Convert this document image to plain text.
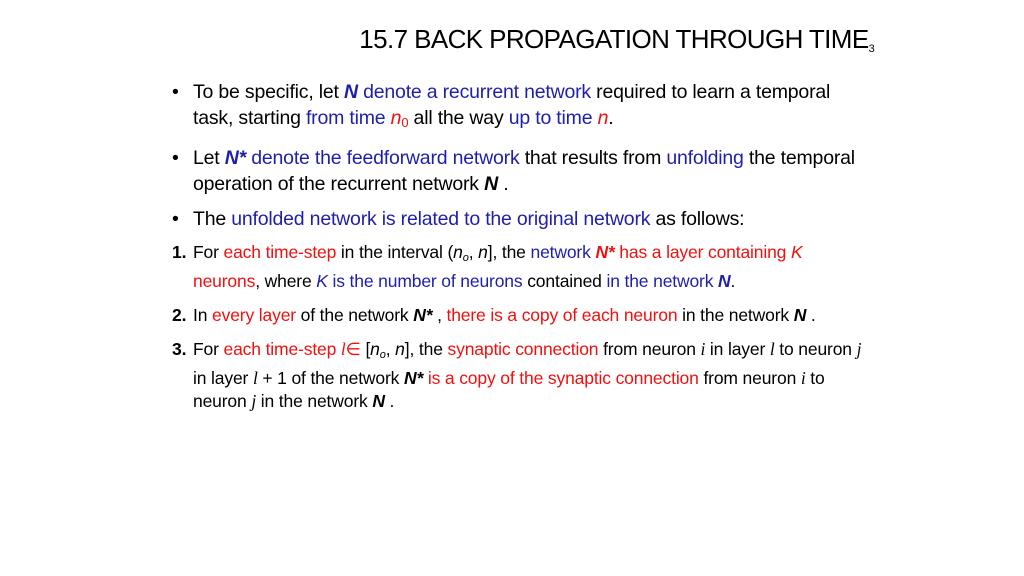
15.7 BACK PROPAGATION THROUGH $TIME_3$
• To be specific, let N denote a recurrent network required to learn a temporal task, starting from time $n_0$ all the way up to time n.
• Let N* denote the feedforward network that results from unfolding the temporal operation of the recurrent network N .
• The unfolded network is related to the original network as follows:
1. For each time-step in the interval ($n_o$, n], the network N* has a layer containing K neurons, where K is the number of neurons contained in the network N.
2. In every layer of the network N* , there is a copy of each neuron in the network N .
3. For each time-step l∈ [$n_o$, n], the synaptic connection from neuron i in layer l to neuron j in layer l + 1 of the network N* is a copy of the synaptic connection from neuron i to neuron j in the network N .
